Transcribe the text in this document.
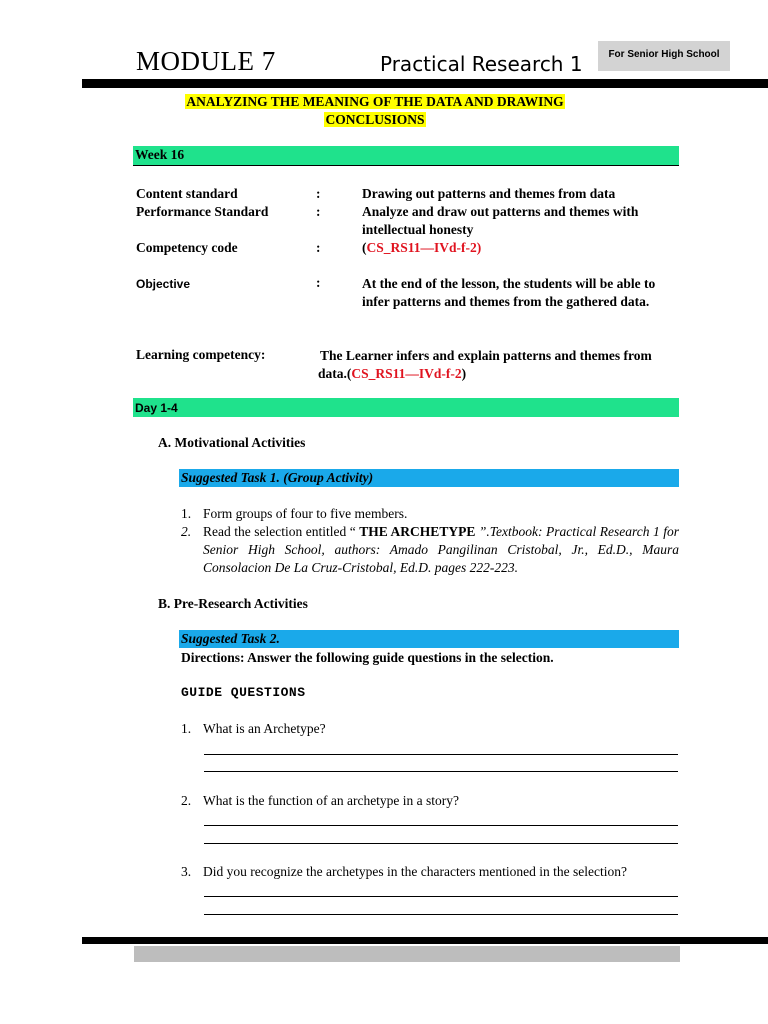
MODULE 7	Practical Research 1	For Senior High School
ANALYZING THE MEANING OF THE DATA AND DRAWING
CONCLUSIONS
Week 16
Content standard	:	Drawing out patterns and themes from data
Performance Standard	:	Analyze and draw out patterns and themes with intellectual honesty
Competency code	:	(CS_RS11—IVd-f-2)
Objective	:	At the end of the lesson, the students will be able to infer patterns and themes from the gathered data.
Learning competency:	The Learner infers and explain patterns and themes from data.(CS_RS11—IVd-f-2)
Day 1-4
A. Motivational Activities
Suggested Task 1. (Group Activity)
1. Form groups of four to five members.
2. Read the selection entitled “ THE ARCHETYPE ”.Textbook: Practical Research 1 for Senior High School, authors: Amado Pangilinan Cristobal, Jr., Ed.D., Maura Consolacion De La Cruz-Cristobal, Ed.D. pages 222-223.
B. Pre-Research Activities
Suggested Task 2.
Directions: Answer the following guide questions in the selection.
GUIDE QUESTIONS
1. What is an Archetype?
2. What is the function of an archetype in a story?
3. Did you recognize the archetypes in the characters mentioned in the selection?
